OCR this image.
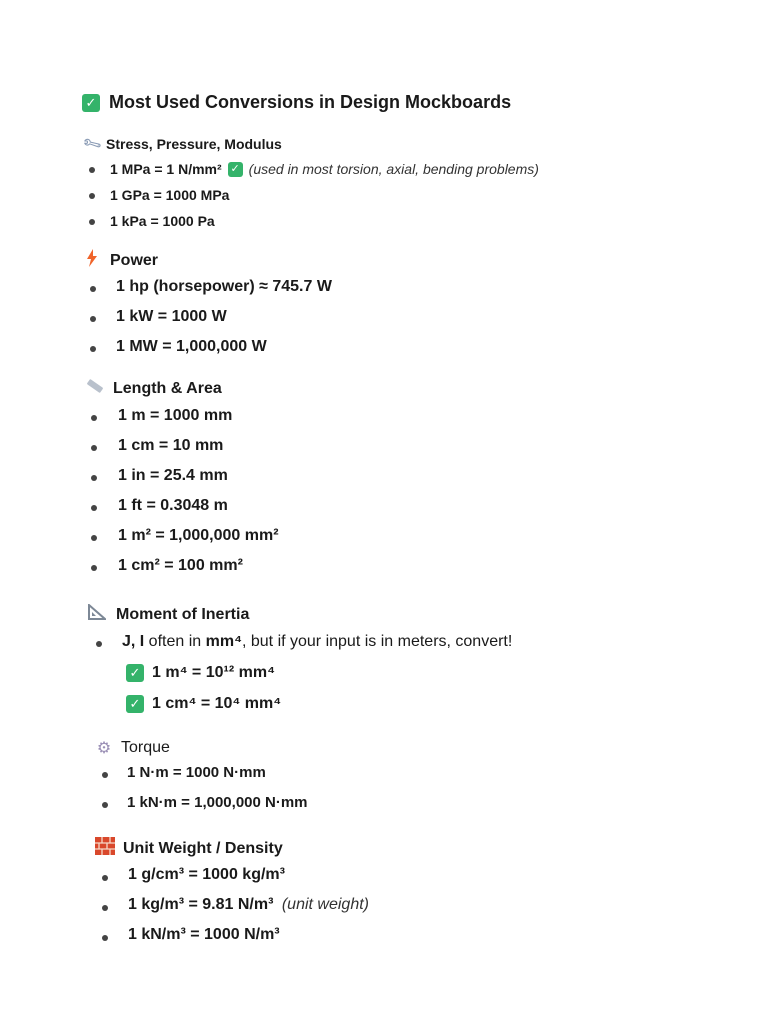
✓ Most Used Conversions in Design Mockboards
🔧︎ Stress, Pressure, Modulus
1 MPa = 1 N/mm² ✓ (used in most torsion, axial, bending problems)
1 GPa = 1000 MPa
1 kPa = 1000 Pa
Power
1 hp (horsepower) ≈ 745.7 W
1 kW = 1000 W
1 MW = 1,000,000 W
Length & Area
1 m = 1000 mm
1 cm = 10 mm
1 in = 25.4 mm
1 ft = 0.3048 m
1 m² = 1,000,000 mm²
1 cm² = 100 mm²
Moment of Inertia
J, I often in mm⁴, but if your input is in meters, convert!
✓ 1 m⁴ = 10¹² mm⁴
✓ 1 cm⁴ = 10⁴ mm⁴
⚙ Torque
1 N·m = 1000 N·mm
1 kN·m = 1,000,000 N·mm
Unit Weight / Density
1 g/cm³ = 1000 kg/m³
1 kg/m³ = 9.81 N/m³ (unit weight)
1 kN/m³ = 1000 N/m³
